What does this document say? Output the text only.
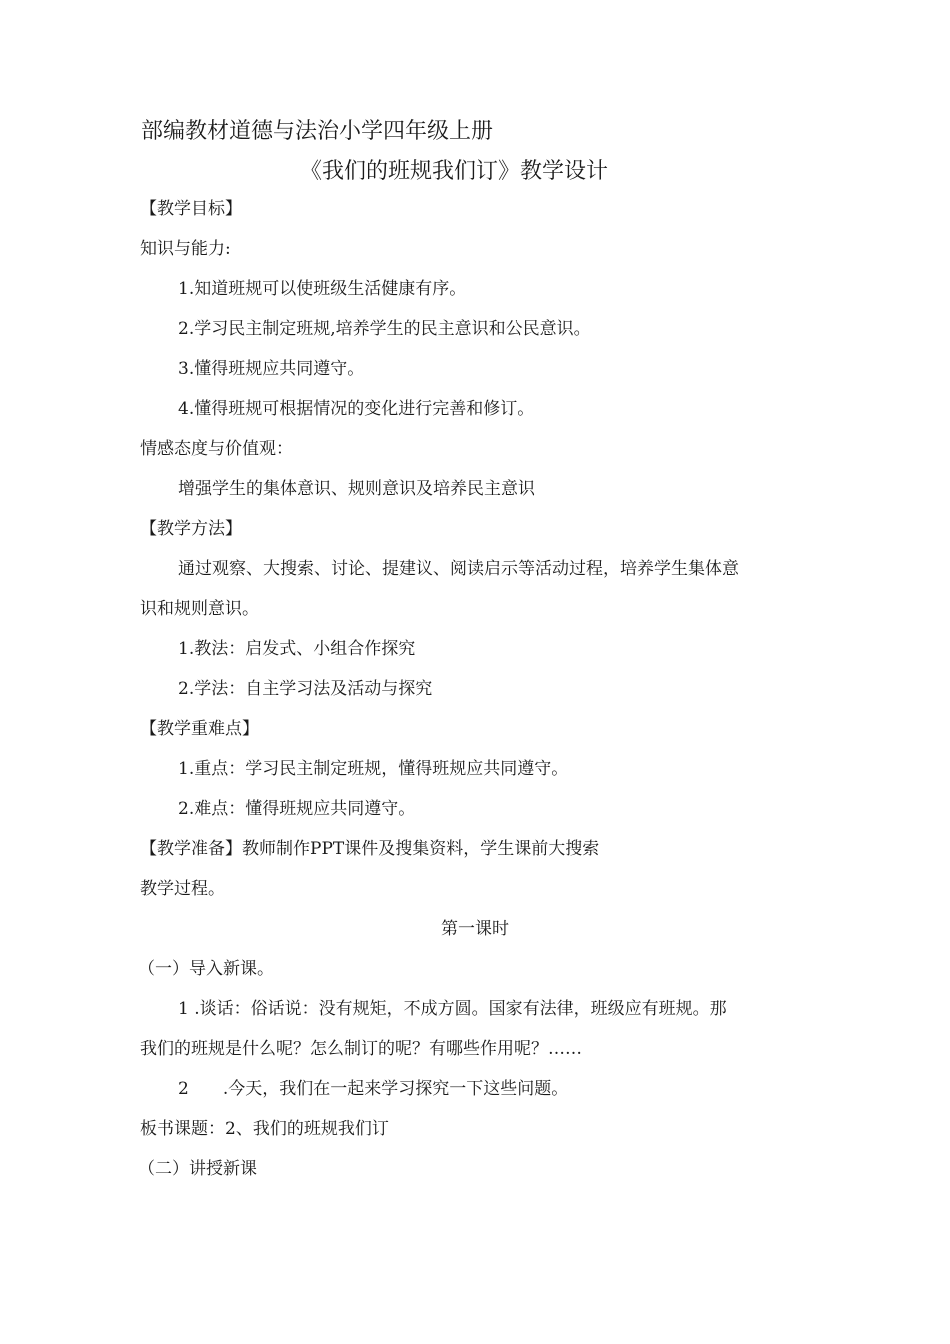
部编教材道德与法治小学四年级上册
《我们的班规我们订》教学设计
【教学目标】
知识与能力:
1.知道班规可以使班级生活健康有序。
2.学习民主制定班规,培养学生的民主意识和公民意识。
3.懂得班规应共同遵守。
4.懂得班规可根据情况的变化进行完善和修订。
情感态度与价值观：
增强学生的集体意识、规则意识及培养民主意识
【教学方法】
通过观察、大搜索、讨论、提建议、阅读启示等活动过程，培养学生集体意
识和规则意识。
1.教法：启发式、小组合作探究
2.学法：自主学习法及活动与探究
【教学重难点】
1.重点：学习民主制定班规，懂得班规应共同遵守。
2.难点：懂得班规应共同遵守。
【教学准备】教师制作PPT课件及搜集资料，学生课前大搜索
教学过程。
第一课时
（一）导入新课。
1 .谈话：俗话说：没有规矩，不成方圆。国家有法律，班级应有班规。那
我们的班规是什么呢？怎么制订的呢？有哪些作用呢？……
2　　.今天，我们在一起来学习探究一下这些问题。
板书课题：2、我们的班规我们订
（二）讲授新课
